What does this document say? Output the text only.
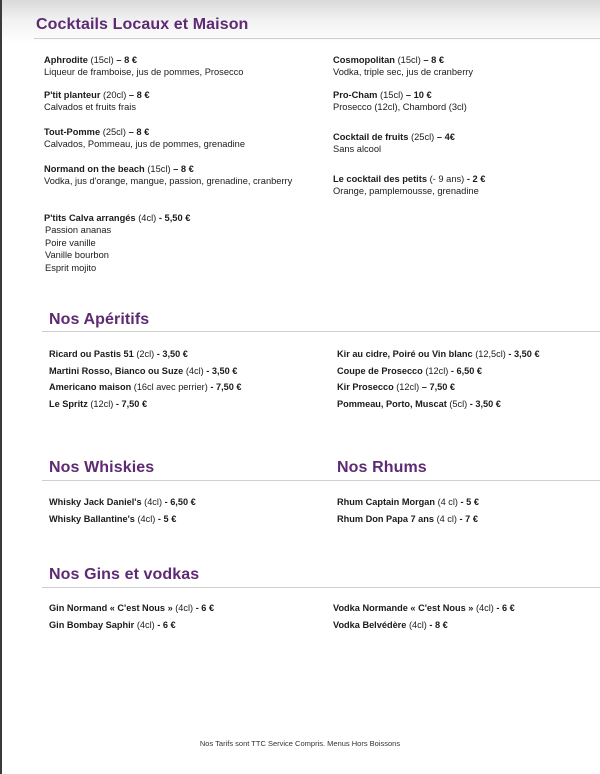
Cocktails Locaux et Maison
Aphrodite (15cl) – 8 €
Liqueur de framboise, jus de pommes, Prosecco
P'tit planteur (20cl) – 8 €
Calvados et fruits frais
Tout-Pomme (25cl) – 8 €
Calvados, Pommeau, jus de pommes, grenadine
Normand on the beach (15cl) – 8 €
Vodka, jus d'orange, mangue, passion, grenadine, cranberry
P'tits Calva arrangés (4cl) - 5,50 €
Passion ananas
Poire vanille
Vanille bourbon
Esprit mojito
Cosmopolitan (15cl) – 8 €
Vodka, triple sec, jus de cranberry
Pro-Cham (15cl) – 10 €
Prosecco (12cl), Chambord (3cl)
Cocktail de fruits (25cl) – 4€
Sans alcool
Le cocktail des petits (- 9 ans) - 2 €
Orange, pamplemousse, grenadine
Nos Apéritifs
Ricard ou Pastis 51 (2cl) - 3,50 €
Martini Rosso, Bianco ou Suze (4cl) - 3,50 €
Americano maison (16cl avec perrier) - 7,50 €
Le Spritz (12cl) - 7,50 €
Kir au cidre, Poiré ou Vin blanc (12,5cl) - 3,50 €
Coupe de Prosecco (12cl) - 6,50 €
Kir Prosecco (12cl) – 7,50 €
Pommeau, Porto, Muscat (5cl) - 3,50 €
Nos Whiskies	Nos Rhums
Whisky Jack Daniel's (4cl) - 6,50 €
Whisky Ballantine's (4cl) - 5 €
Rhum Captain Morgan (4 cl) - 5 €
Rhum Don Papa 7 ans (4 cl) - 7 €
Nos Gins et vodkas
Gin Normand « C'est Nous » (4cl) - 6 €
Gin Bombay Saphir (4cl) - 6 €
Vodka Normande « C'est Nous » (4cl) - 6 €
Vodka Belvédère (4cl) - 8 €
Nos Tarifs sont TTC Service Compris. Menus Hors Boissons
